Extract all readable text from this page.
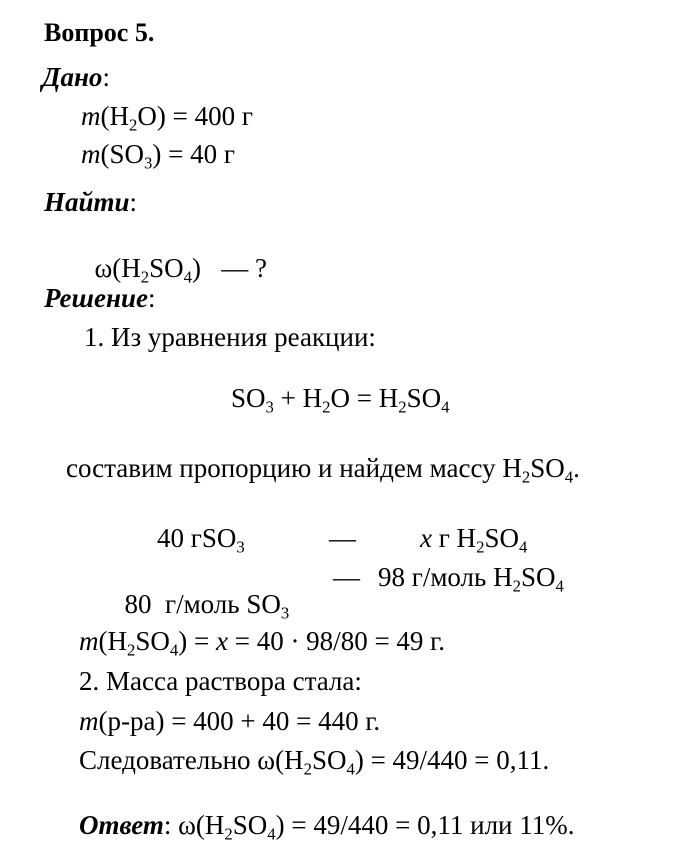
Вопрос 5.
Дано:
$m(H_2O) = 400$ г
$m(SO_3) = 40$ г
Найти:

$\omega(H_2SO_4)$   — ?

Решение:
1. Из уравнения реакции:
$SO_3 + H_2O = H_2SO_4$
составим пропорцию и найдем массу $H_2SO_4$.
40 гSO$_3$	— x г $H_2SO_4$

80  г/моль $SO_3$

— 98 г/моль $H_2SO_4$
$m(H_2SO_4) = x = 40 \cdot 98/80 = 49$ г.
2. Масса раствора стала:
m(р-ра) = 400 + 40 = 440 г.
Следовательно $\omega(H_2SO_4) = 49/440 = 0,11$.
Ответ: $\omega(H_2SO_4) = 49/440 = 0,11$ или 11%.
